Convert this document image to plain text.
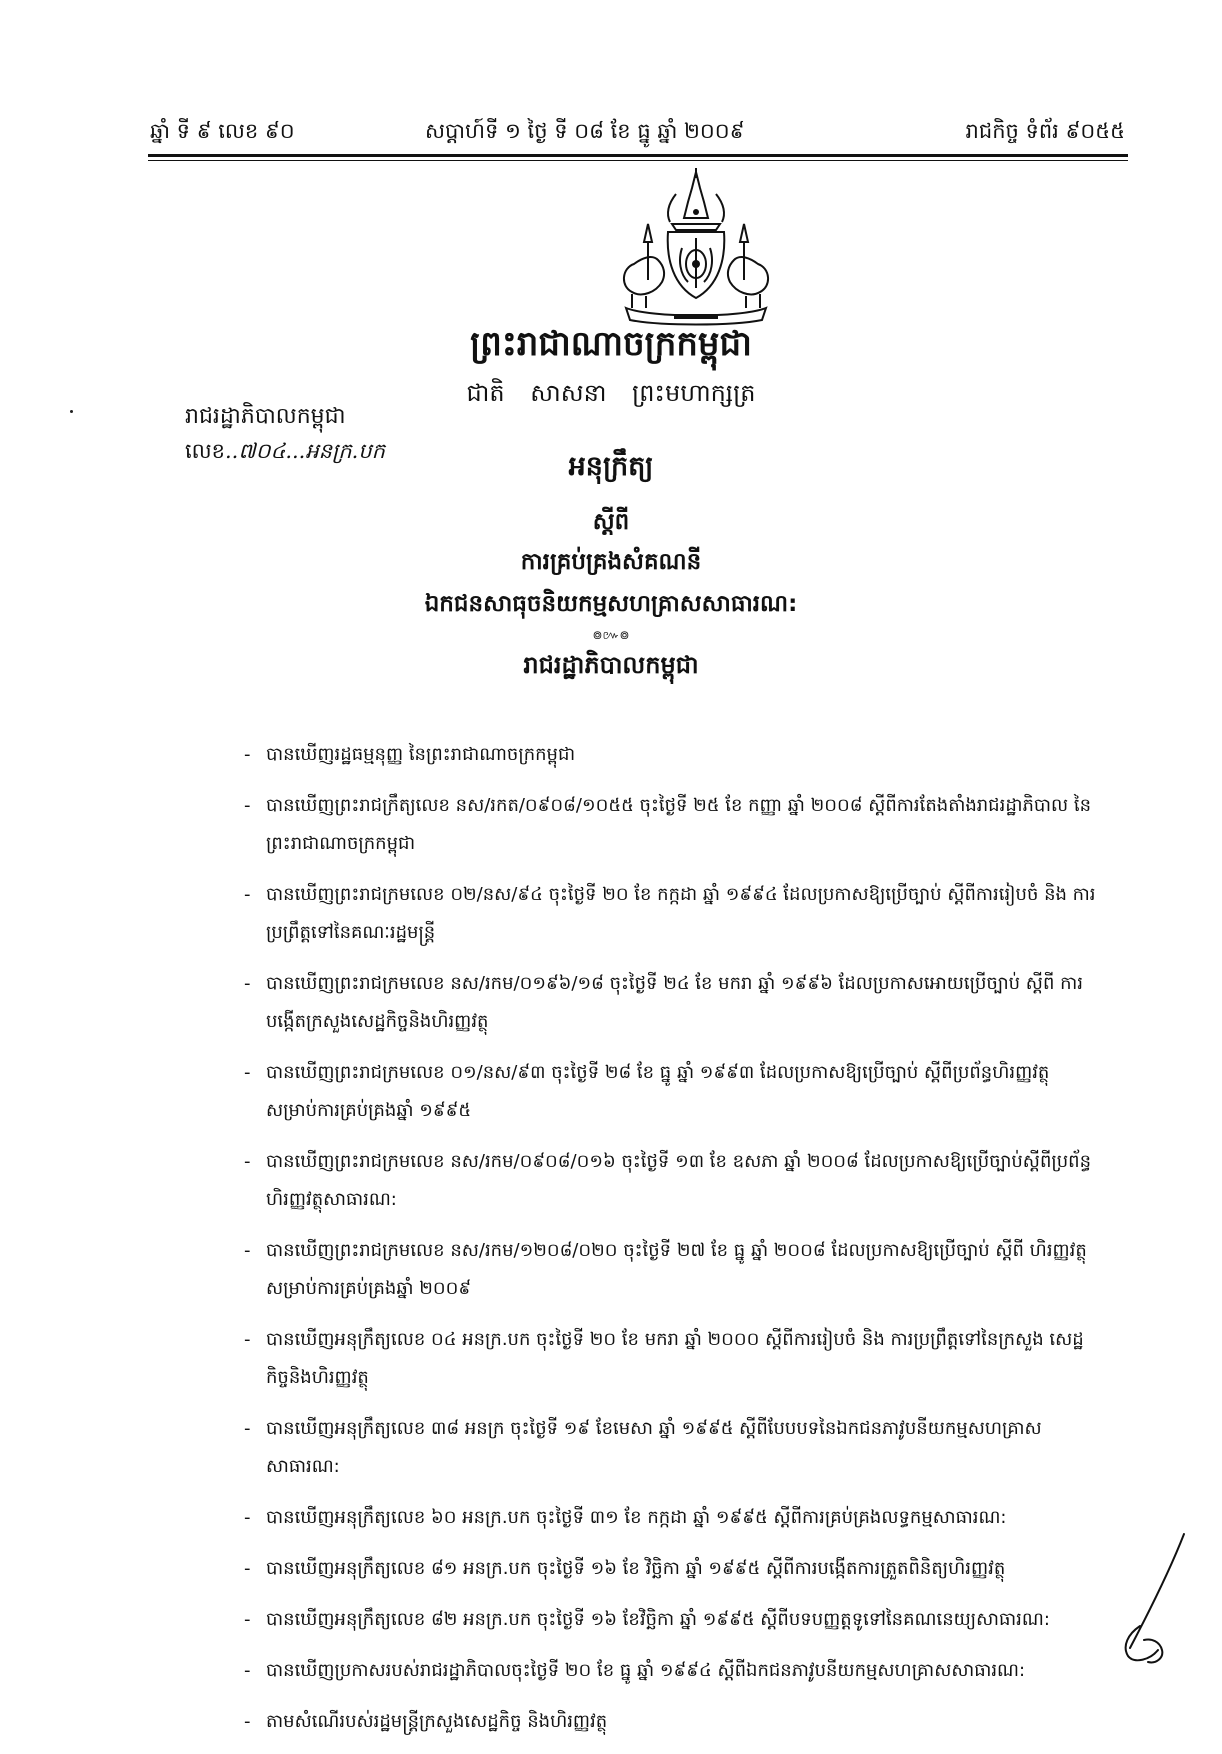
ឆ្នាំ ទី ៩ លេខ ៩០	សប្តាហ៍ទី ១ ថ្ងៃ ទី ០៨ ខែ ធ្នូ ឆ្នាំ ២០០៩	រាជកិច្ច ទំព័រ ៩០៥៥
ព្រះរាជាណាចក្រកម្ពុជា
ជាតិ សាសនា ព្រះមហាក្សត្រ
រាជរដ្ឋាភិបាលកម្ពុជា
លេខ..៧០៤...អនក្រ.បក	អនុក្រឹត្យ
ស្តីពី
ការគ្រប់គ្រងសំគណនី
ឯកជនសាធុចនិយកម្មសហគ្រាសសាធារណ:
៙៚៙
រាជរដ្ឋាភិបាលកម្ពុជា
- បានឃើញរដ្ឋធម្មនុញ្ញ នៃព្រះរាជាណាចក្រកម្ពុជា
- បានឃើញព្រះរាជក្រឹត្យលេខ នស/រកត/០៩០៨/១០៥៥ ចុះថ្ងៃទី ២៥ ខែ កញ្ញា ឆ្នាំ ២០០៨ ស្តីពីការតែងតាំងរាជរដ្ឋាភិបាល នៃព្រះរាជាណាចក្រកម្ពុជា
- បានឃើញព្រះរាជក្រមលេខ ០២/នស/៩៤ ចុះថ្ងៃទី ២០ ខែ កក្កដា ឆ្នាំ ១៩៩៤ ដែលប្រកាសឱ្យប្រើច្បាប់ ស្តីពីការរៀបចំ និង ការប្រព្រឹត្តទៅនៃគណៈរដ្ឋមន្ត្រី
- បានឃើញព្រះរាជក្រមលេខ នស/រកម/០១៩៦/១៨ ចុះថ្ងៃទី ២៤ ខែ មករា ឆ្នាំ ១៩៩៦ ដែលប្រកាសអោយប្រើច្បាប់ ស្តីពី ការបង្កើតក្រសួងសេដ្ឋកិច្ចនិងហិរញ្ញវត្ថុ
- បានឃើញព្រះរាជក្រមលេខ ០១/នស/៩៣ ចុះថ្ងៃទី ២៨ ខែ ធ្នូ ឆ្នាំ ១៩៩៣ ដែលប្រកាសឱ្យប្រើច្បាប់ ស្តីពីប្រព័ន្ធហិរញ្ញវត្ថុ សម្រាប់ការគ្រប់គ្រងឆ្នាំ ១៩៩៥
- បានឃើញព្រះរាជក្រមលេខ នស/រកម/០៩០៨/០១៦ ចុះថ្ងៃទី ១៣ ខែ ឧសភា ឆ្នាំ ២០០៨ ដែលប្រកាសឱ្យប្រើច្បាប់ស្តីពីប្រព័ន្ធ ហិរញ្ញវត្ថុសាធារណ:
- បានឃើញព្រះរាជក្រមលេខ នស/រកម/១២០៨/០២០ ចុះថ្ងៃទី ២៧ ខែ ធ្នូ ឆ្នាំ ២០០៨ ដែលប្រកាសឱ្យប្រើច្បាប់ ស្តីពី ហិរញ្ញវត្ថុសម្រាប់ការគ្រប់គ្រងឆ្នាំ ២០០៩
- បានឃើញអនុក្រឹត្យលេខ ០៤ អនក្រ.បក ចុះថ្ងៃទី ២០ ខែ មករា ឆ្នាំ ២០០០ ស្តីពីការរៀបចំ និង ការប្រព្រឹត្តទៅនៃក្រសួង សេដ្ឋកិច្ចនិងហិរញ្ញវត្ថុ
- បានឃើញអនុក្រឹត្យលេខ ៣៨ អនក្រ ចុះថ្ងៃទី ១៩ ខែមេសា ឆ្នាំ ១៩៩៥ ស្តីពីបែបបទនៃឯកជនភាវូបនីយកម្មសហគ្រាសសាធារណ:
- បានឃើញអនុក្រឹត្យលេខ ៦០ អនក្រ.បក ចុះថ្ងៃទី ៣១ ខែ កក្កដា ឆ្នាំ ១៩៩៥ ស្តីពីការគ្រប់គ្រងលទ្ធកម្មសាធារណ:
- បានឃើញអនុក្រឹត្យលេខ ៨១ អនក្រ.បក ចុះថ្ងៃទី ១៦ ខែ វិច្ឆិកា ឆ្នាំ ១៩៩៥ ស្តីពីការបង្កើតការត្រួតពិនិត្យហិរញ្ញវត្ថុ
- បានឃើញអនុក្រឹត្យលេខ ៨២ អនក្រ.បក ចុះថ្ងៃទី ១៦ ខែវិច្ឆិកា ឆ្នាំ ១៩៩៥ ស្តីពីបទបញ្ញត្តទូទៅនៃគណនេយ្យសាធារណ:
- បានឃើញប្រកាសរបស់រាជរដ្ឋាភិបាលចុះថ្ងៃទី ២០ ខែ ធ្នូ ឆ្នាំ ១៩៩៤ ស្តីពីឯកជនភាវូបនីយកម្មសហគ្រាសសាធារណ:
- តាមសំណើរបស់រដ្ឋមន្ត្រីក្រសួងសេដ្ឋកិច្ច និងហិរញ្ញវត្ថុ
